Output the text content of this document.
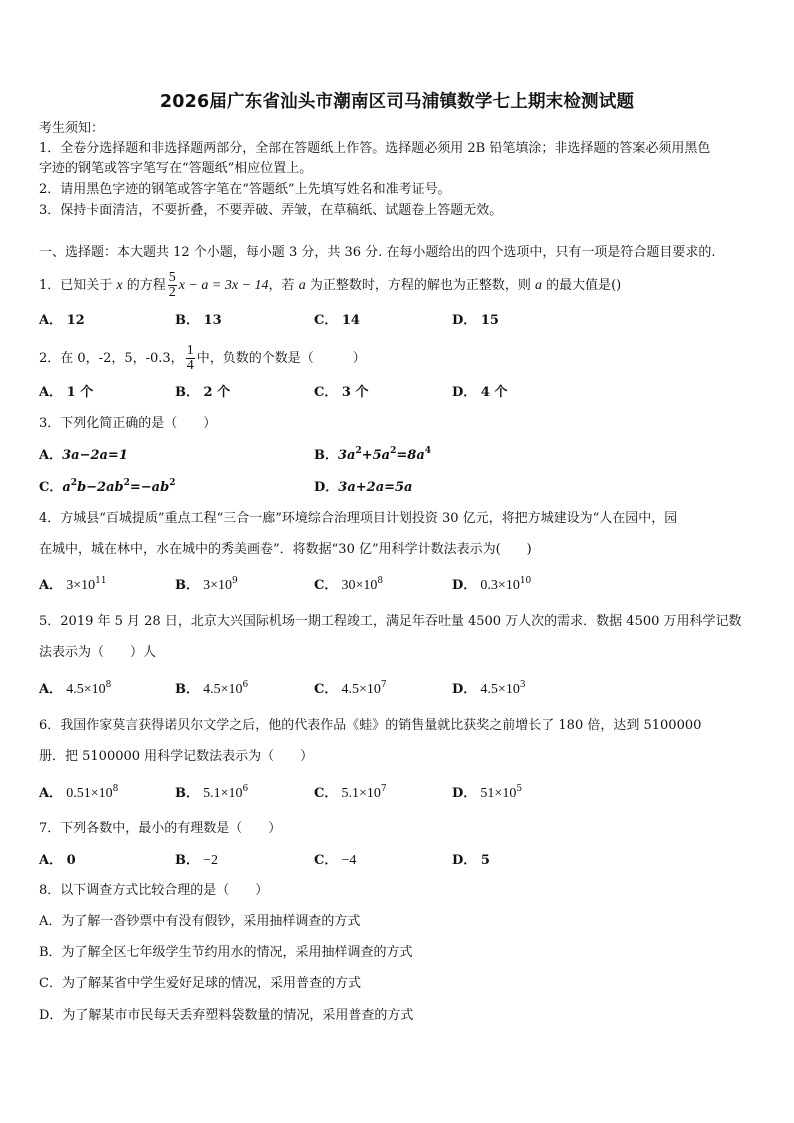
2026届广东省汕头市潮南区司马浦镇数学七上期末检测试题
考生须知：
1．全卷分选择题和非选择题两部分，全部在答题纸上作答。选择题必须用 2B 铅笔填涂；非选择题的答案必须用黑色
字迹的钢笔或答字笔写在“答题纸”相应位置上。
2．请用黑色字迹的钢笔或答字笔在“答题纸”上先填写姓名和准考证号。
3．保持卡面清洁，不要折叠，不要弄破、弄皱，在草稿纸、试题卷上答题无效。
一、选择题：本大题共 12 个小题，每小题 3 分，共 36 分. 在每小题给出的四个选项中，只有一项是符合题目要求的.
1．已知关于 x 的方程 $\frac{5}{2}$ x − a = 3x − 14，若 a 为正整数时，方程的解也为正整数，则 a 的最大值是()
A． 12	B． 13	C． 14	D． 15
2．在 0，-2，5，-0.3， $\frac{1}{4}$ 中，负数的个数是（　　　）
A． 1 个	B． 2 个	C． 3 个	D． 4 个
3．下列化简正确的是（　　）
A．3a−2a=1	B．$3a^2+5a^2=8a^4$
C．$a^2b-2ab^2=-ab^2$	D．3a+2a=5a
4．方城县“百城提质”重点工程“三合一廊”环境综合治理项目计划投资 30 亿元，将把方城建设为“人在园中，园
在城中，城在林中，水在城中的秀美画卷”．将数据“30 亿”用科学计数法表示为(　　)
A． $3\times 10^{11}$	B． $3\times 10^9$	C． $30\times 10^8$	D． $0.3\times 10^{10}$
5．2019 年 5 月 28 日，北京大兴国际机场一期工程竣工，满足年吞吐量 4500 万人次的需求．数据 4500 万用科学记数
法表示为（　　）人
A． $4.5\times 10^8$	B． $4.5\times 10^6$	C． $4.5\times 10^7$	D． $4.5\times 10^3$
6．我国作家莫言获得诺贝尔文学之后，他的代表作品《蛙》的销售量就比获奖之前增长了 180 倍，达到 5100000
册．把 5100000 用科学记数法表示为（　　）
A． $0.51\times 10^8$	B． $5.1\times 10^6$	C． $5.1\times 10^7$	D． $51\times 10^5$
7．下列各数中，最小的有理数是（　　）
A． 0	B． −2	C． −4	D． 5
8．以下调查方式比较合理的是（　　）
A．为了解一沓钞票中有没有假钞，采用抽样调查的方式
B．为了解全区七年级学生节约用水的情况，采用抽样调查的方式
C．为了解某省中学生爱好足球的情况，采用普查的方式
D．为了解某市市民每天丢弃塑料袋数量的情况，采用普查的方式
